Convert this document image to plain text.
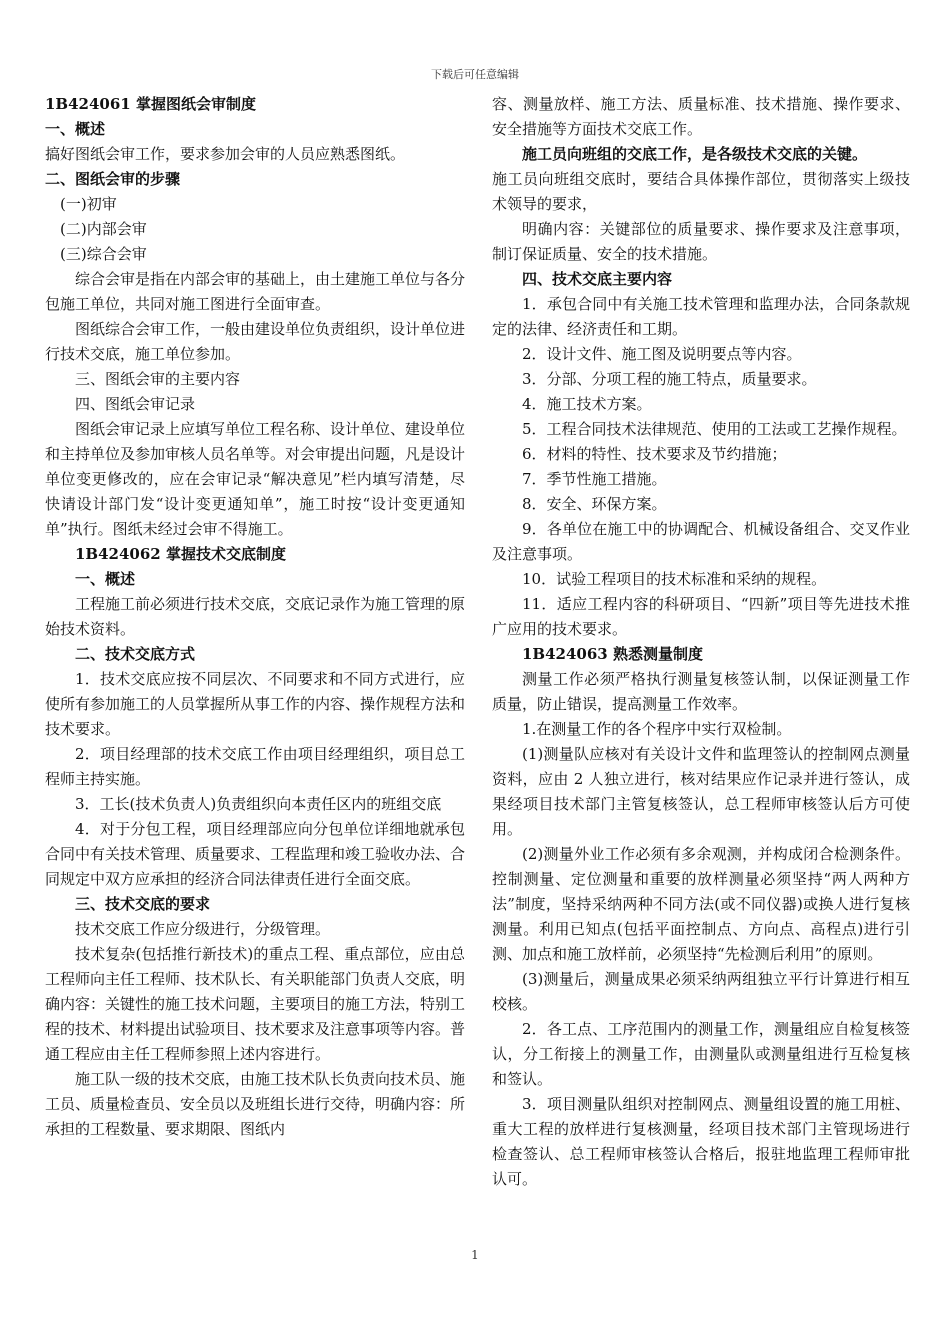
下载后可任意编辑

1B424061 掌握图纸会审制度

一、概述

搞好图纸会审工作，要求参加会审的人员应熟悉图纸。

二、图纸会审的步骤

(一)初审

(二)内部会审

(三)综合会审

综合会审是指在内部会审的基础上，由土建施工单位与各分包施工单位，共同对施工图进行全面审查。

图纸综合会审工作，一般由建设单位负责组织，设计单位进行技术交底，施工单位参加。

三、图纸会审的主要内容

四、图纸会审记录

图纸会审记录上应填写单位工程名称、设计单位、建设单位和主持单位及参加审核人员名单等。对会审提出问题，凡是设计单位变更修改的，应在会审记录“解决意见”栏内填写清楚，尽快请设计部门发“设计变更通知单”，施工时按“设计变更通知单”执行。图纸未经过会审不得施工。

1B424062 掌握技术交底制度

一、概述

工程施工前必须进行技术交底，交底记录作为施工管理的原始技术资料。

二、技术交底方式

1．技术交底应按不同层次、不同要求和不同方式进行，应使所有参加施工的人员掌握所从事工作的内容、操作规程方法和技术要求。

2．项目经理部的技术交底工作由项目经理组织，项目总工程师主持实施。

3．工长(技术负责人)负责组织向本责任区内的班组交底

4．对于分包工程，项目经理部应向分包单位详细地就承包合同中有关技术管理、质量要求、工程监理和竣工验收办法、合同规定中双方应承担的经济合同法律责任进行全面交底。

三、技术交底的要求

技术交底工作应分级进行，分级管理。

技术复杂(包括推行新技术)的重点工程、重点部位，应由总工程师向主任工程师、技术队长、有关职能部门负责人交底，明确内容：关键性的施工技术问题，主要项目的施工方法，特别工程的技术、材料提出试验项目、技术要求及注意事项等内容。普通工程应由主任工程师参照上述内容进行。

施工队一级的技术交底，由施工技术队长负责向技术员、施工员、质量检查员、安全员以及班组长进行交待，明确内容：所承担的工程数量、要求期限、图纸内

容、测量放样、施工方法、质量标准、技术措施、操作要求、安全措施等方面技术交底工作。

施工员向班组的交底工作，是各级技术交底的关键。

施工员向班组交底时，要结合具体操作部位，贯彻落实上级技术领导的要求，

明确内容：关键部位的质量要求、操作要求及注意事项，制订保证质量、安全的技术措施。

四、技术交底主要内容

1．承包合同中有关施工技术管理和监理办法，合同条款规定的法律、经济责任和工期。

2．设计文件、施工图及说明要点等内容。

3．分部、分项工程的施工特点，质量要求。

4．施工技术方案。

5．工程合同技术法律规范、使用的工法或工艺操作规程。

6．材料的特性、技术要求及节约措施；

7．季节性施工措施。

8．安全、环保方案。

9．各单位在施工中的协调配合、机械设备组合、交叉作业及注意事项。

10．试验工程项目的技术标准和采纳的规程。

11．适应工程内容的科研项目、“四新”项目等先进技术推广应用的技术要求。

1B424063 熟悉测量制度

测量工作必须严格执行测量复核签认制，以保证测量工作质量，防止错误，提高测量工作效率。

1.在测量工作的各个程序中实行双检制。

(1)测量队应核对有关设计文件和监理签认的控制网点测量资料，应由 2 人独立进行，核对结果应作记录并进行签认，成果经项目技术部门主管复核签认，总工程师审核签认后方可使用。

(2)测量外业工作必须有多余观测，并构成闭合检测条件。控制测量、定位测量和重要的放样测量必须坚持“两人两种方法”制度，坚持采纳两种不同方法(或不同仪器)或换人进行复核测量。利用已知点(包括平面控制点、方向点、高程点)进行引测、加点和施工放样前，必须坚持“先检测后利用”的原则。

(3)测量后，测量成果必须采纳两组独立平行计算进行相互校核。

2．各工点、工序范围内的测量工作，测量组应自检复核签认，分工衔接上的测量工作，由测量队或测量组进行互检复核和签认。

3．项目测量队组织对控制网点、测量组设置的施工用桩、重大工程的放样进行复核测量，经项目技术部门主管现场进行检查签认、总工程师审核签认合格后，报驻地监理工程师审批认可。

1
